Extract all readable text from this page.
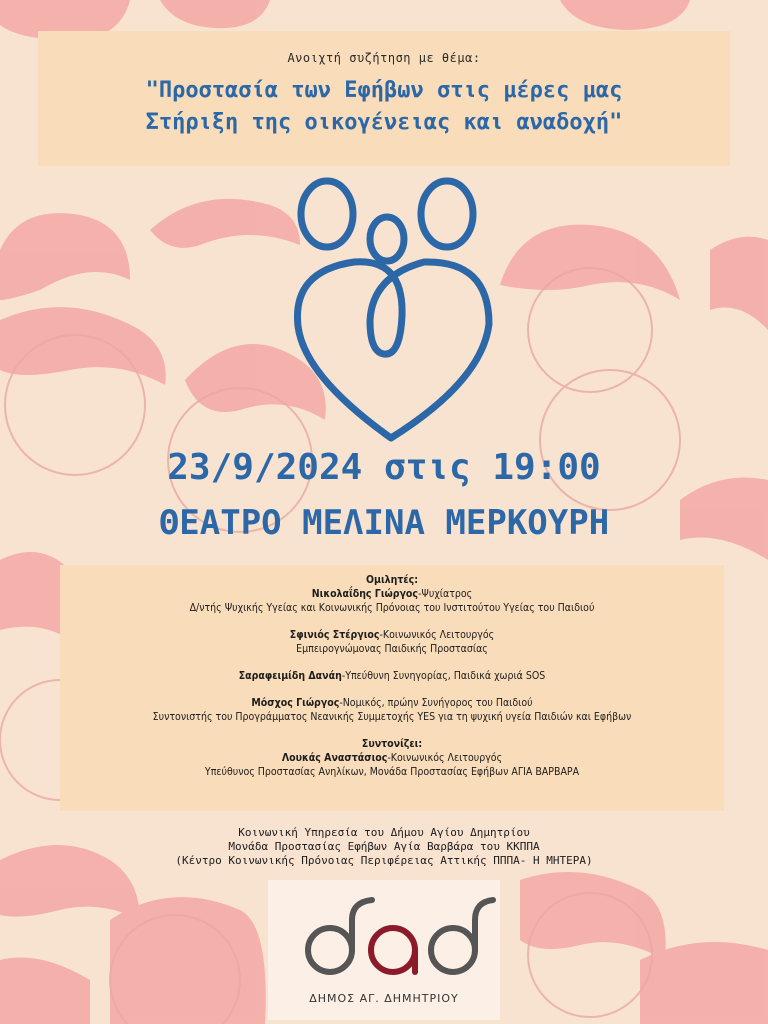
Ανοιχτή συζήτηση με θέμα:
"Προστασία των Εφήβων στις μέρες μας
Στήριξη της οικογένειας και αναδοχή"
23/9/2024 στις 19:00
ΘΕΑΤΡΟ ΜΕΛΙΝΑ ΜΕΡΚΟΥΡΗ
Ομιλητές:
Νικολαΐδης Γιώργος-Ψυχίατρος
Δ/ντής Ψυχικής Υγείας και Κοινωνικής Πρόνοιας του Ινστιτούτου Υγείας του Παιδιού
Σφινιός Στέργιος-Κοινωνικός Λειτουργός
Εμπειρογνώμονας Παιδικής Προστασίας
Σαραφειμίδη Δανάη-Υπεύθυνη Συνηγορίας, Παιδικά χωριά SOS
Μόσχος Γιώργος-Νομικός, πρώην Συνήγορος του Παιδιού
Συντονιστής του Προγράμματος Νεανικής Συμμετοχής YES για τη ψυχική υγεία Παιδιών και Εφήβων
Συντονίζει:
Λουκάς Αναστάσιος-Κοινωνικός Λειτουργός
Υπεύθυνος Προστασίας Ανηλίκων, Μονάδα Προστασίας Εφήβων ΑΓΙΑ ΒΑΡΒΑΡΑ
Κοινωνική Υπηρεσία του Δήμου Αγίου Δημητρίου
Μονάδα Προστασίας Εφήβων Αγία Βαρβάρα του ΚΚΠΠΑ
(Κέντρο Κοινωνικής Πρόνοιας Περιφέρειας Αττικής ΠΠΠΑ- Η ΜΗΤΕΡΑ)
ΔΗΜΟΣ ΑΓ. ΔΗΜΗΤΡΙΟΥ
